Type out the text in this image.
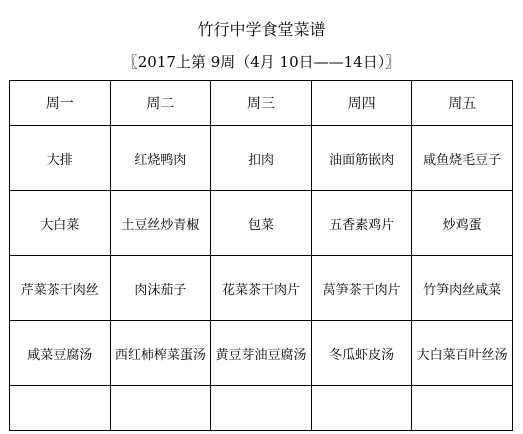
竹行中学食堂菜谱
〖2017上第 9周（4月 10日——14日）〗
周一	周二	周三	周四	周五
大排	红烧鸭肉	扣肉	油面筋嵌肉	咸鱼烧毛豆子
大白菜	土豆丝炒青椒	包菜	五香素鸡片	炒鸡蛋
芹菜茶干肉丝	肉沫茄子	花菜茶干肉片	莴笋茶干肉片	竹笋肉丝咸菜
咸菜豆腐汤	西红柿榨菜蛋汤	黄豆芽油豆腐汤	冬瓜虾皮汤	大白菜百叶丝汤
